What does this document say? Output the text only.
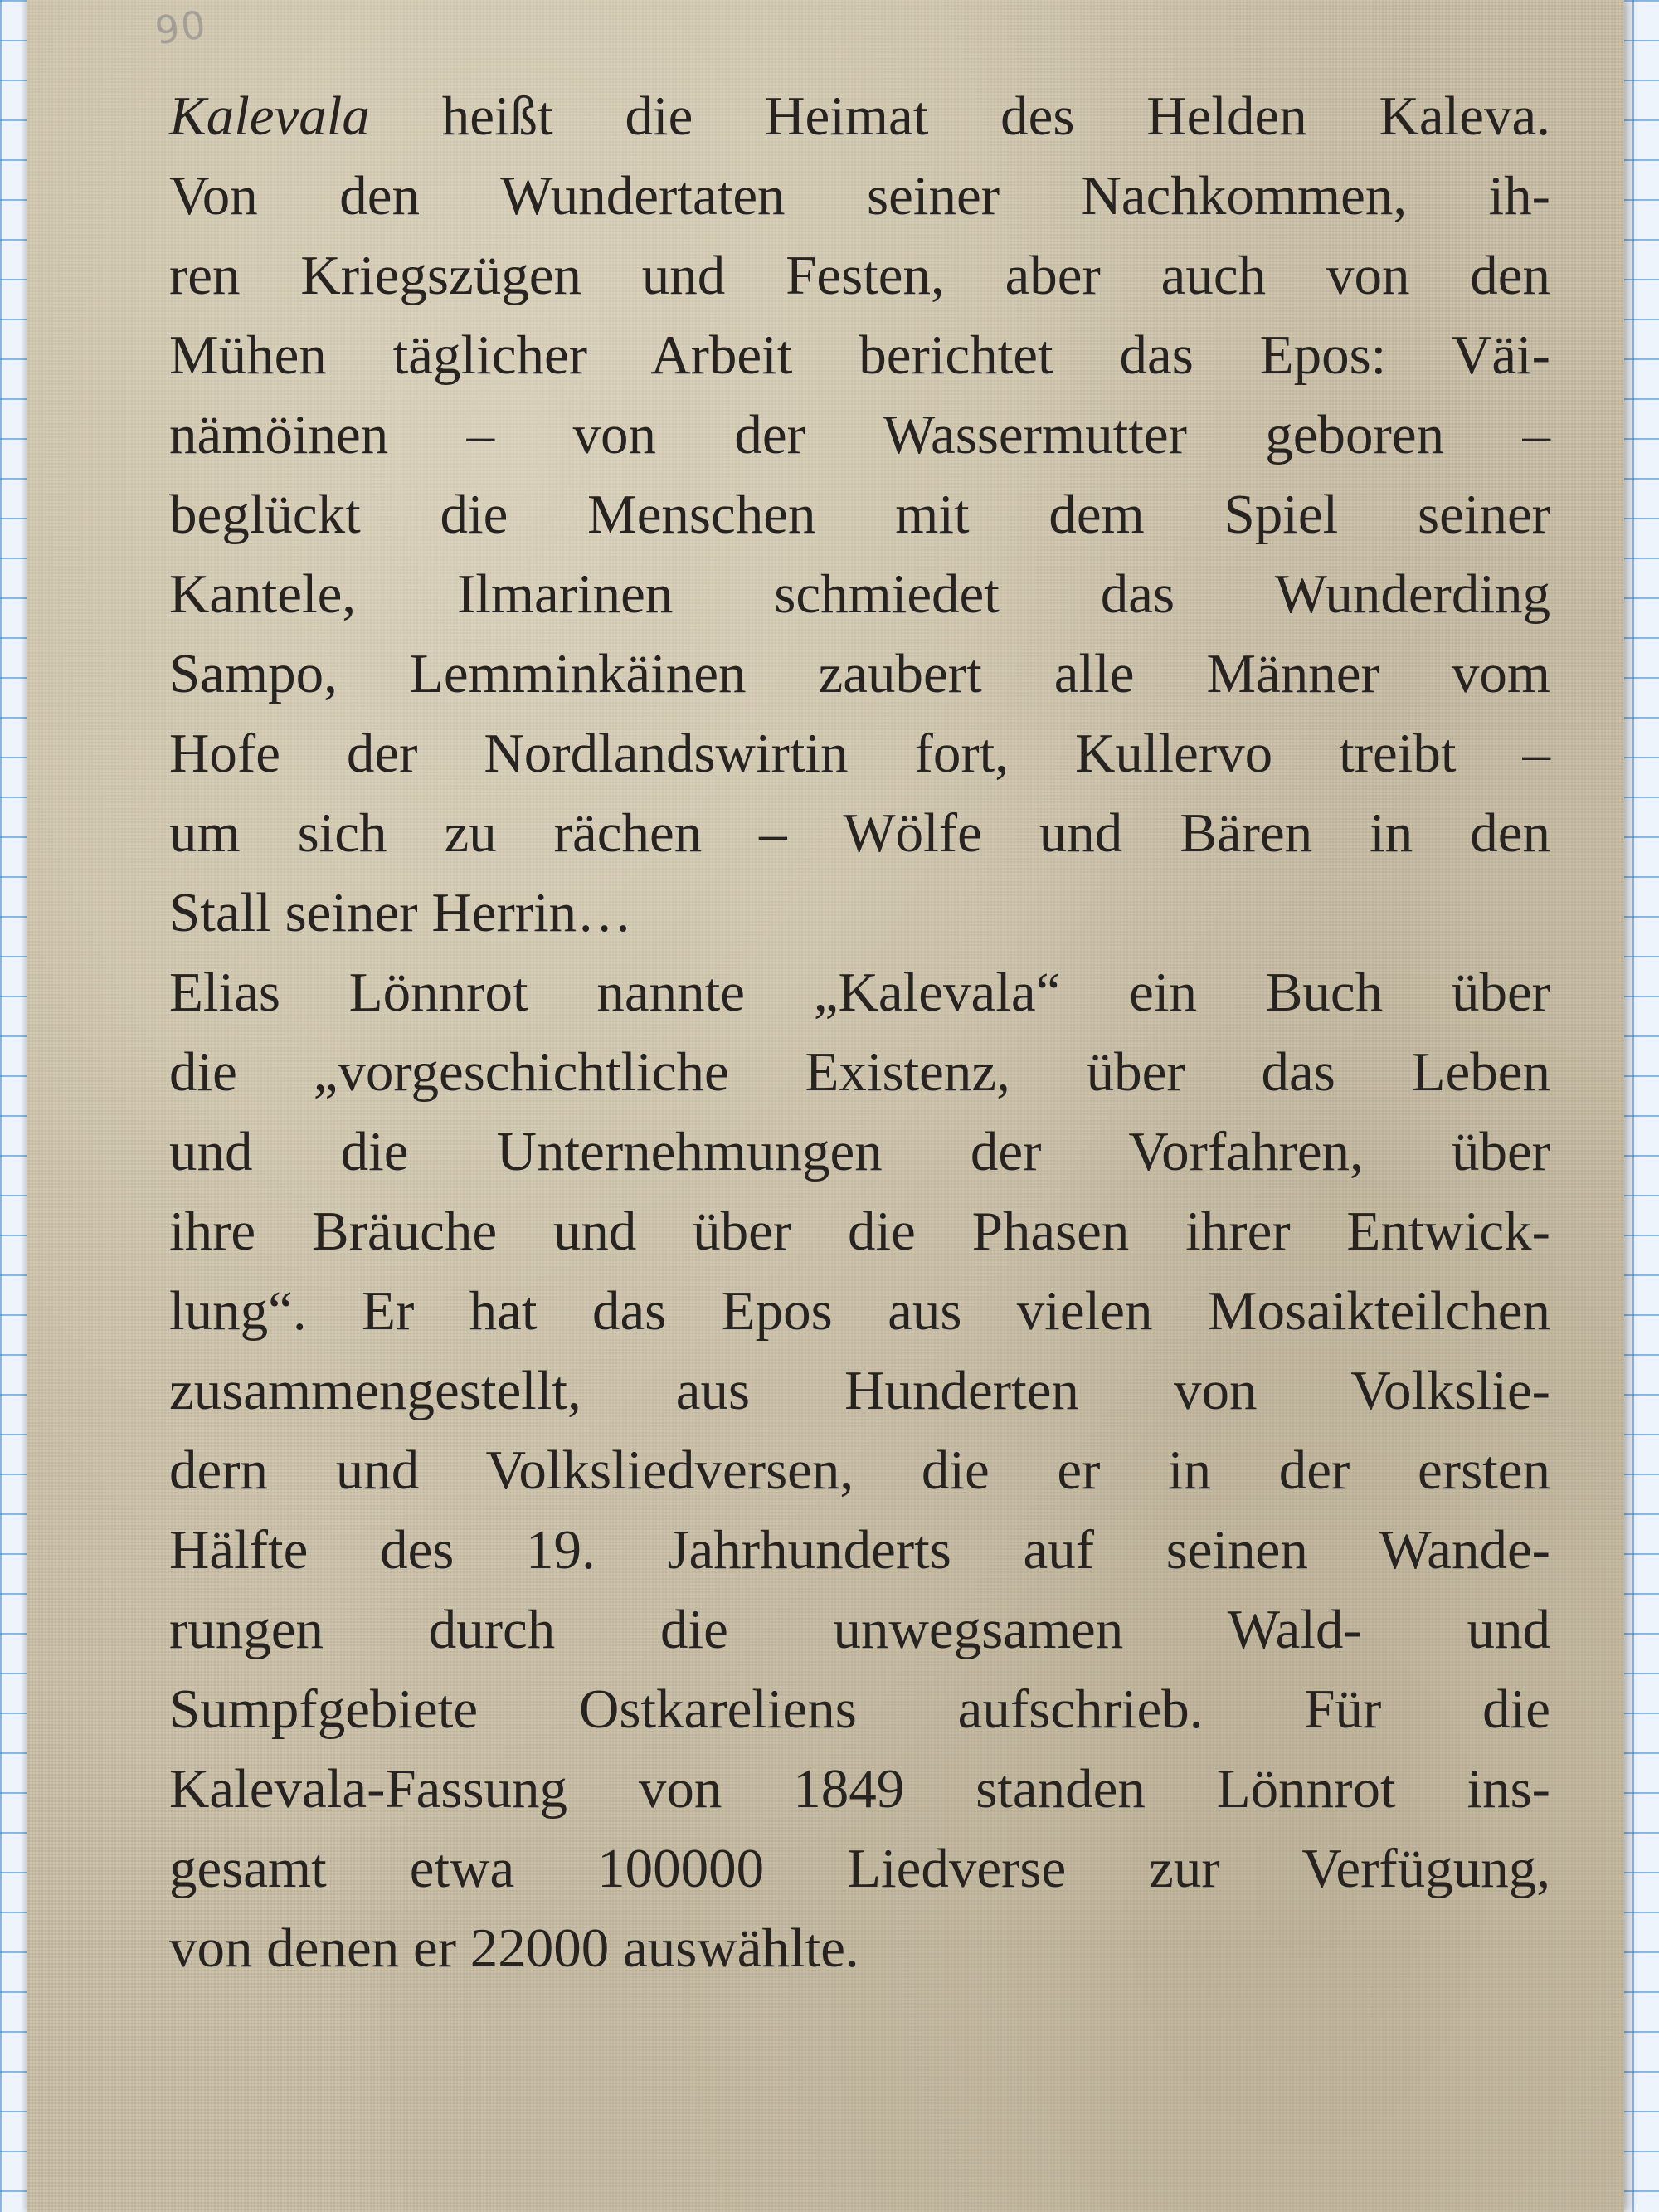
90
Kalevala heißt die Heimat des Helden Kaleva.
Von den Wundertaten seiner Nachkommen, ih-
ren Kriegszügen und Festen, aber auch von den
Mühen täglicher Arbeit berichtet das Epos: Väi-
nämöinen – von der Wassermutter geboren –
beglückt die Menschen mit dem Spiel seiner
Kantele, Ilmarinen schmiedet das Wunderding
Sampo, Lemminkäinen zaubert alle Männer vom
Hofe der Nordlandswirtin fort, Kullervo treibt –
um sich zu rächen – Wölfe und Bären in den
Stall seiner Herrin…
Elias Lönnrot nannte „Kalevala“ ein Buch über
die „vorgeschichtliche Existenz, über das Leben
und die Unternehmungen der Vorfahren, über
ihre Bräuche und über die Phasen ihrer Entwick-
lung“. Er hat das Epos aus vielen Mosaikteilchen
zusammengestellt, aus Hunderten von Volkslie-
dern und Volksliedversen, die er in der ersten
Hälfte des 19. Jahrhunderts auf seinen Wande-
rungen durch die unwegsamen Wald- und
Sumpfgebiete Ostkareliens aufschrieb. Für die
Kalevala-Fassung von 1849 standen Lönnrot ins-
gesamt etwa 100000 Liedverse zur Verfügung,
von denen er 22000 auswählte.
